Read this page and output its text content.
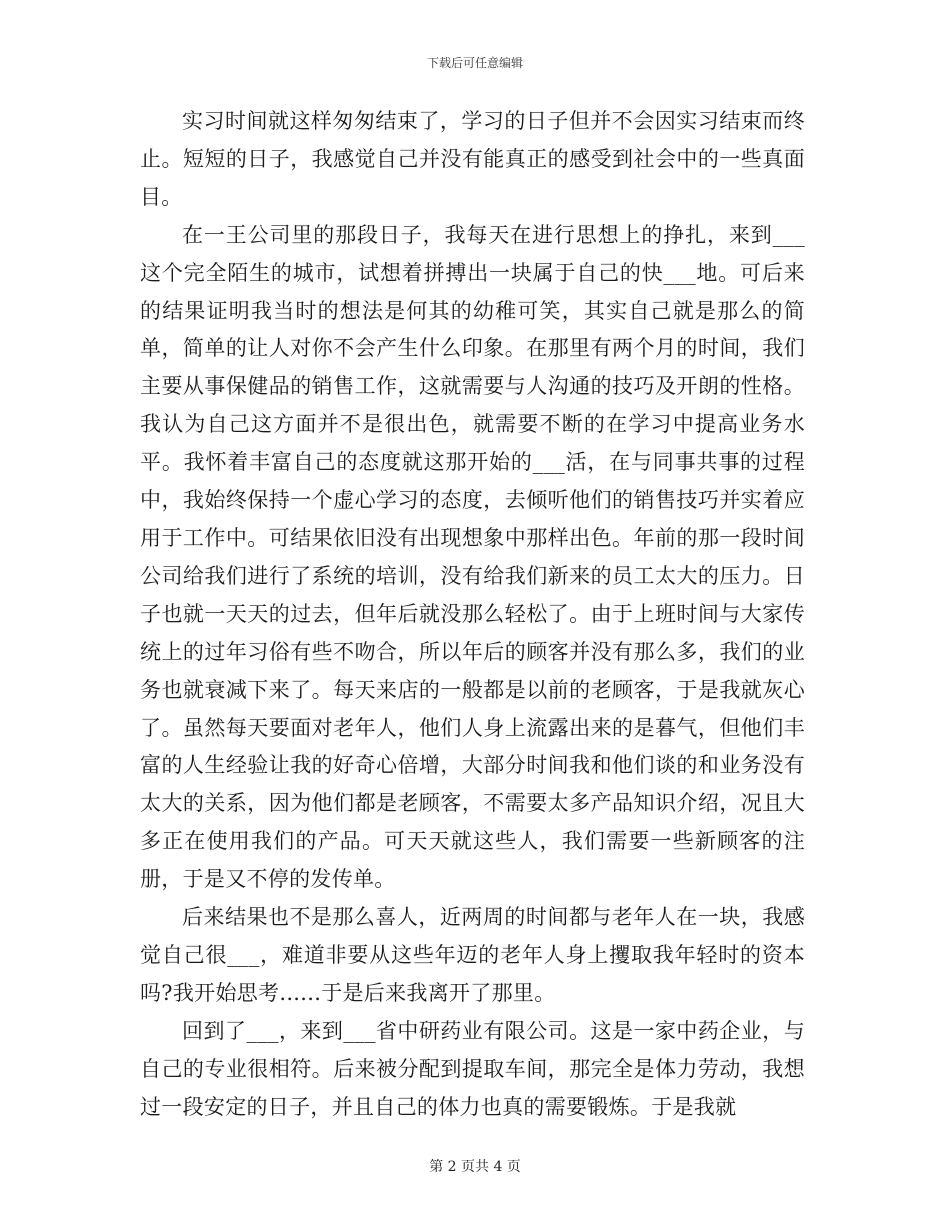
下载后可任意编辑

实习时间就这样匆匆结束了，学习的日子但并不会因实习结束而终止。短短的日子，我感觉自己并没有能真正的感受到社会中的一些真面目。

在一王公司里的那段日子，我每天在进行思想上的挣扎，来到___这个完全陌生的城市，试想着拼搏出一块属于自己的快___地。可后来的结果证明我当时的想法是何其的幼稚可笑，其实自己就是那么的简单，简单的让人对你不会产生什么印象。在那里有两个月的时间，我们主要从事保健品的销售工作，这就需要与人沟通的技巧及开朗的性格。我认为自己这方面并不是很出色，就需要不断的在学习中提高业务水平。我怀着丰富自己的态度就这那开始的___活，在与同事共事的过程中，我始终保持一个虚心学习的态度，去倾听他们的销售技巧并实着应用于工作中。可结果依旧没有出现想象中那样出色。年前的那一段时间公司给我们进行了系统的培训，没有给我们新来的员工太大的压力。日子也就一天天的过去，但年后就没那么轻松了。由于上班时间与大家传统上的过年习俗有些不吻合，所以年后的顾客并没有那么多，我们的业务也就衰减下来了。每天来店的一般都是以前的老顾客，于是我就灰心了。虽然每天要面对老年人，他们人身上流露出来的是暮气，但他们丰富的人生经验让我的好奇心倍增，大部分时间我和他们谈的和业务没有太大的关系，因为他们都是老顾客，不需要太多产品知识介绍，况且大多正在使用我们的产品。可天天就这些人，我们需要一些新顾客的注册，于是又不停的发传单。

后来结果也不是那么喜人，近两周的时间都与老年人在一块，我感觉自己很___，难道非要从这些年迈的老年人身上攫取我年轻时的资本吗?我开始思考......于是后来我离开了那里。

回到了___，来到___省中研药业有限公司。这是一家中药企业，与自己的专业很相符。后来被分配到提取车间，那完全是体力劳动，我想过一段安定的日子，并且自己的体力也真的需要锻炼。于是我就

第 2 页共 4 页
